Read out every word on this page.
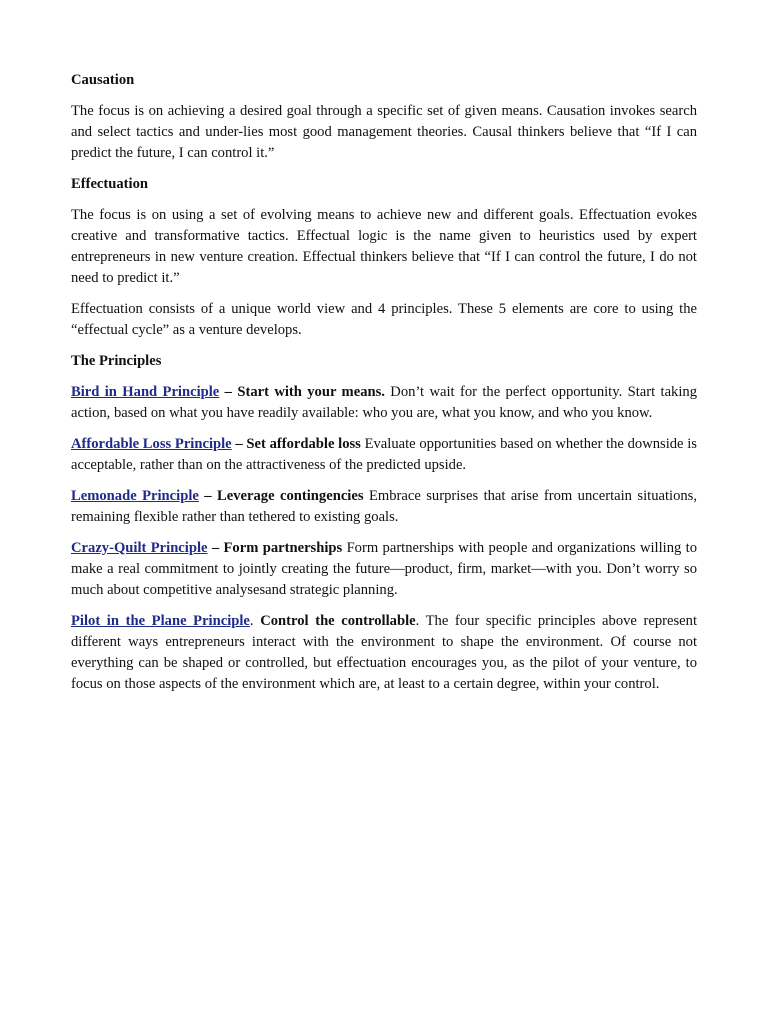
Causation

The focus is on achieving a desired goal through a specific set of given means. Causation invokes search and select tactics and under-lies most good management theories. Causal thinkers believe that “If I can predict the future, I can control it.”

Effectuation

The focus is on using a set of evolving means to achieve new and different goals. Effectuation evokes creative and transformative tactics. Effectual logic is the name given to heuristics used by expert entrepreneurs in new venture creation. Effectual thinkers believe that “If I can control the future, I do not need to predict it.”

Effectuation consists of a unique world view and 4 principles. These 5 elements are core to using the “effectual cycle” as a venture develops.

The Principles

Bird in Hand Principle – Start with your means. Don’t wait for the perfect opportunity. Start taking action, based on what you have readily available: who you are, what you know, and who you know.

Affordable Loss Principle – Set affordable loss Evaluate opportunities based on whether the downside is acceptable, rather than on the attractiveness of the predicted upside.

Lemonade Principle – Leverage contingencies Embrace surprises that arise from uncertain situations, remaining flexible rather than tethered to existing goals.

Crazy-Quilt Principle – Form partnerships Form partnerships with people and organizations willing to make a real commitment to jointly creating the future—product, firm, market—with you. Don’t worry so much about competitive analysesand strategic planning.

Pilot in the Plane Principle. Control the controllable. The four specific principles above represent different ways entrepreneurs interact with the environment to shape the environment. Of course not everything can be shaped or controlled, but effectuation encourages you, as the pilot of your venture, to focus on those aspects of the environment which are, at least to a certain degree, within your control.
